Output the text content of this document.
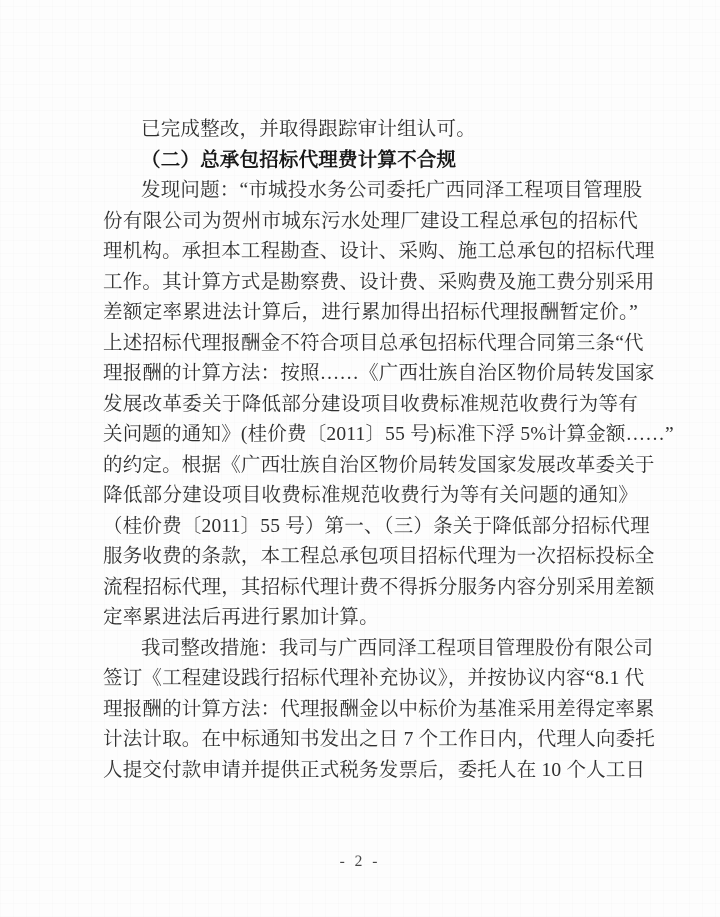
已完成整改，并取得跟踪审计组认可。
（二）总承包招标代理费计算不合规
发现问题：“市城投水务公司委托广西同泽工程项目管理股
份有限公司为贺州市城东污水处理厂建设工程总承包的招标代
理机构。承担本工程勘查、设计、采购、施工总承包的招标代理
工作。其计算方式是勘察费、设计费、采购费及施工费分别采用
差额定率累进法计算后，进行累加得出招标代理报酬暂定价。”
上述招标代理报酬金不符合项目总承包招标代理合同第三条“代
理报酬的计算方法：按照……《广西壮族自治区物价局转发国家
发展改革委关于降低部分建设项目收费标准规范收费行为等有
关问题的通知》(桂价费〔2011〕55 号)标准下浮 5%计算金额……”
的约定。根据《广西壮族自治区物价局转发国家发展改革委关于
降低部分建设项目收费标准规范收费行为等有关问题的通知》
（桂价费〔2011〕55 号）第一、（三）条关于降低部分招标代理
服务收费的条款，本工程总承包项目招标代理为一次招标投标全
流程招标代理，其招标代理计费不得拆分服务内容分别采用差额
定率累进法后再进行累加计算。
我司整改措施：我司与广西同泽工程项目管理股份有限公司
签订《工程建设践行招标代理补充协议》，并按协议内容“8.1 代
理报酬的计算方法：代理报酬金以中标价为基准采用差得定率累
计法计取。在中标通知书发出之日 7 个工作日内，代理人向委托
人提交付款申请并提供正式税务发票后，委托人在 10 个人工日
- 2 -
